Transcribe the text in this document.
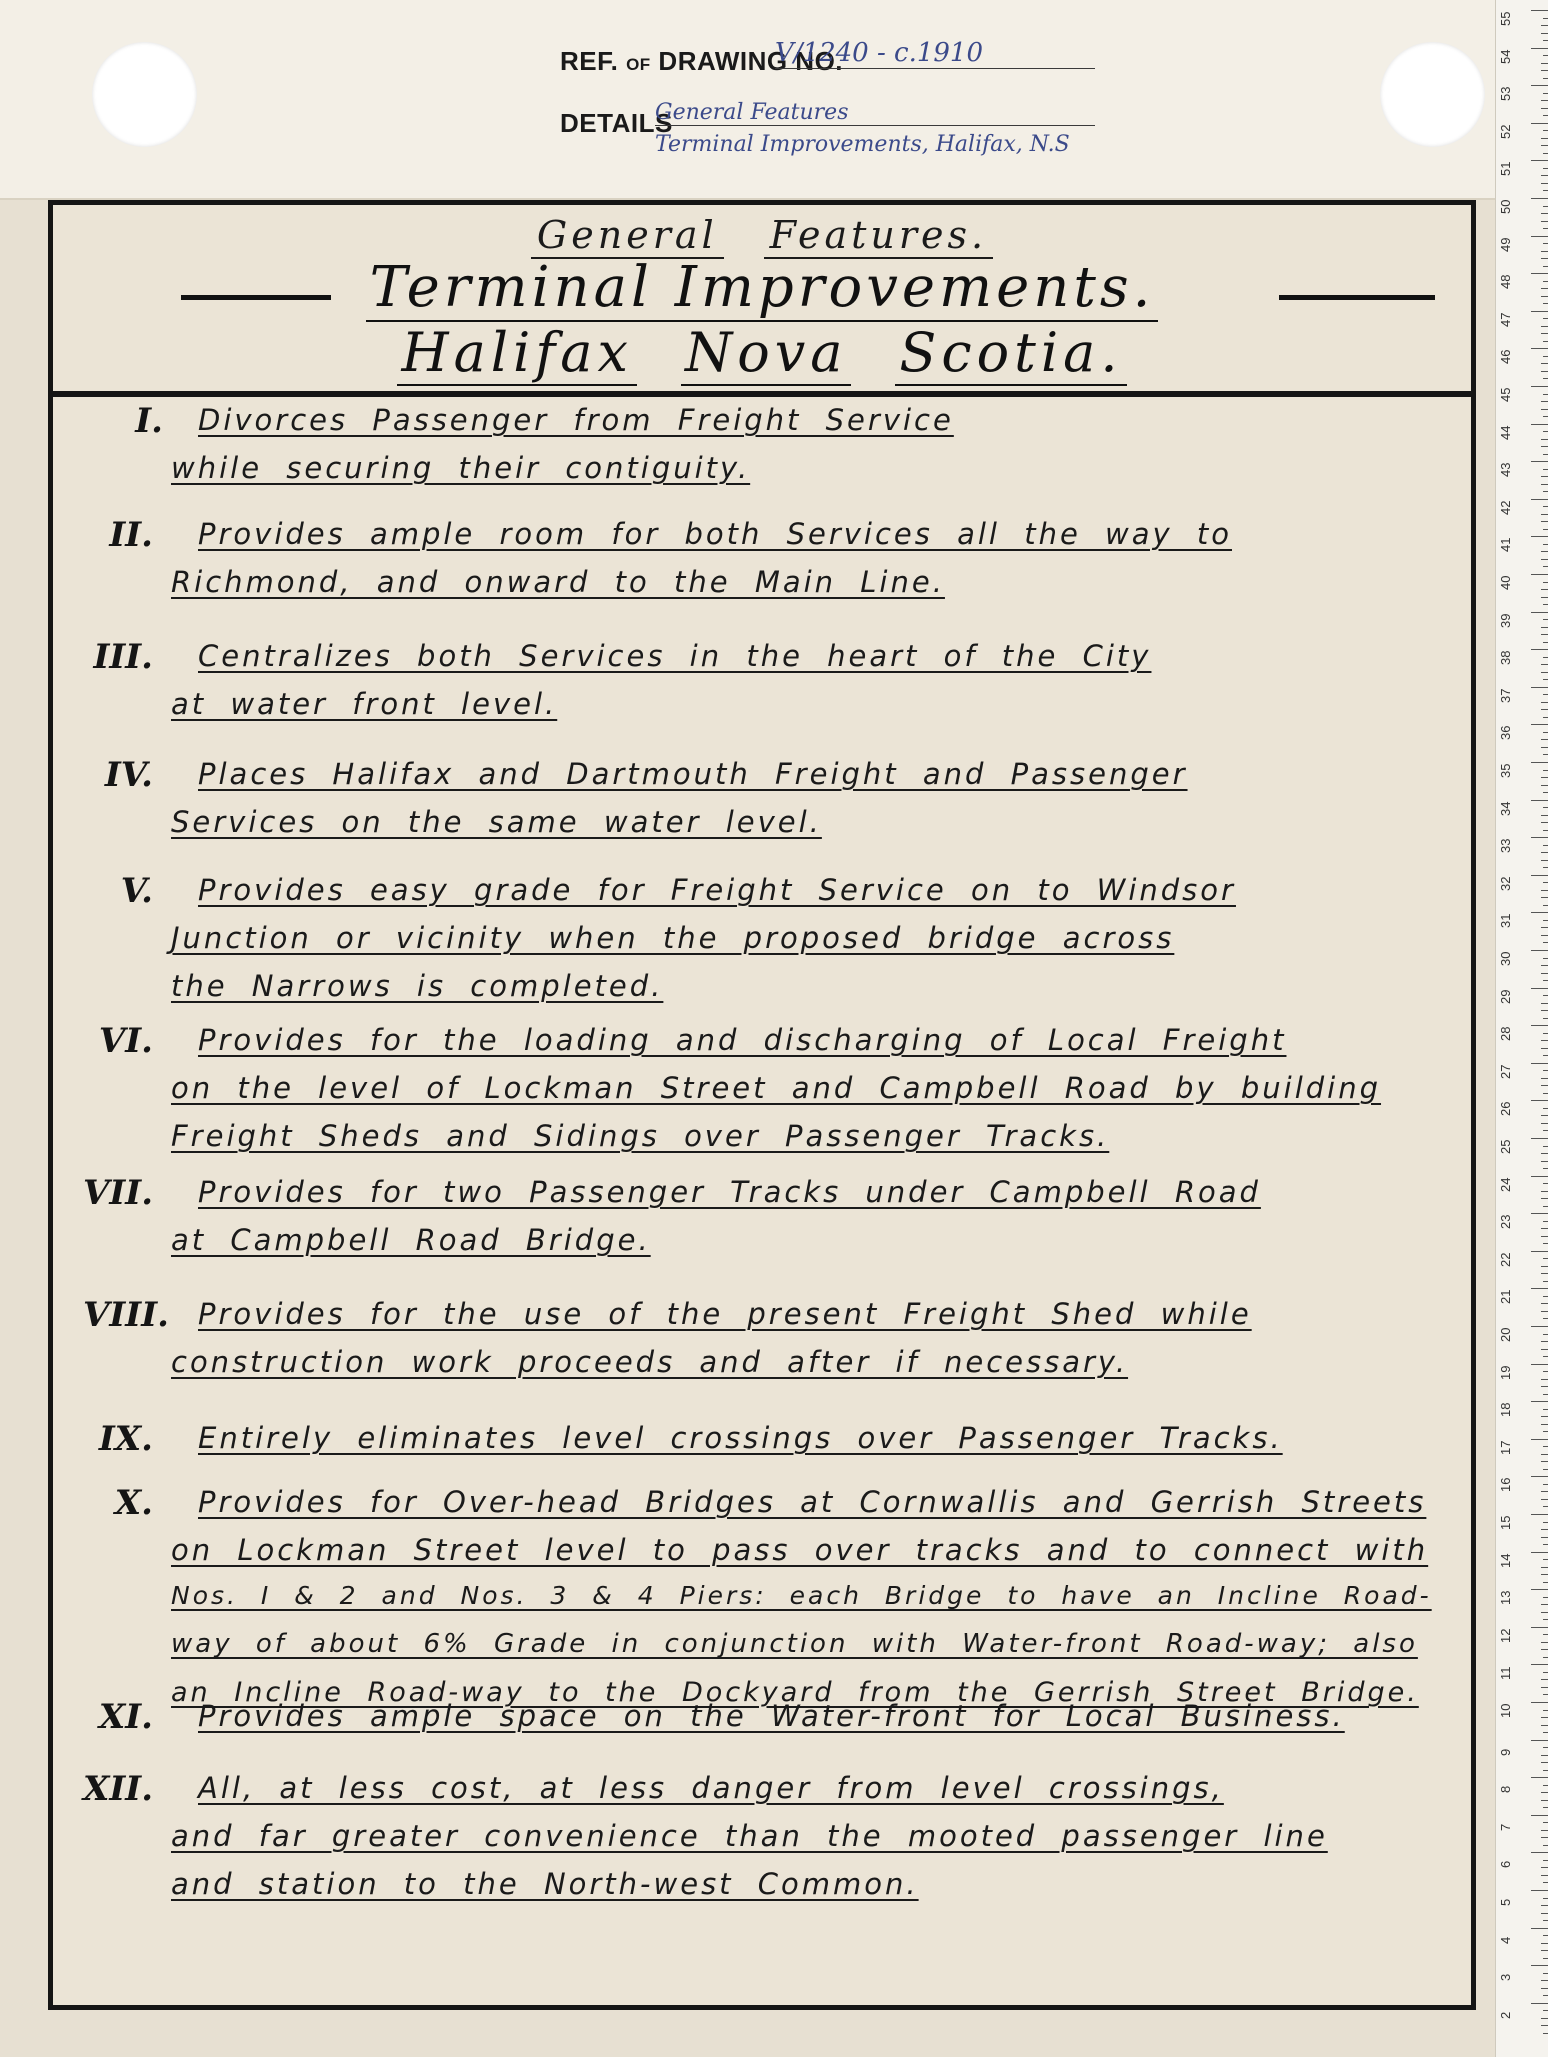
REF. OF DRAWING NO.
V/1240 - c.1910
DETAILS
General Features
Terminal Improvements, Halifax, N.S
55
54
53
52
51
50
49
48
47
46
45
44
43
42
41
40
39
38
37
36
35
34
33
32
31
30
29
28
27
26
25
24
23
22
21
20
19
18
17
16
15
14
13
12
11
10
9
8
7
6
5
4
3
2
General Features.
Terminal Improvements.
Halifax Nova Scotia.
I. Divorces Passenger from Freight Service
while securing their contiguity.
II. Provides ample room for both Services all the way to
Richmond, and onward to the Main Line.
III. Centralizes both Services in the heart of the City
at water front level.
IV. Places Halifax and Dartmouth Freight and Passenger
Services on the same water level.
V. Provides easy grade for Freight Service on to Windsor
Junction or vicinity when the proposed bridge across
the Narrows is completed.
VI. Provides for the loading and discharging of Local Freight
on the level of Lockman Street and Campbell Road by building
Freight Sheds and Sidings over Passenger Tracks.
VII. Provides for two Passenger Tracks under Campbell Road
at Campbell Road Bridge.
VIII. Provides for the use of the present Freight Shed while
construction work proceeds and after if necessary.
IX. Entirely eliminates level crossings over Passenger Tracks.
X. Provides for Over-head Bridges at Cornwallis and Gerrish Streets
on Lockman Street level to pass over tracks and to connect with
Nos. I & 2 and Nos. 3 & 4 Piers: each Bridge to have an Incline Road-
way of about 6% Grade in conjunction with Water-front Road-way; also
an Incline Road-way to the Dockyard from the Gerrish Street Bridge.
XI. Provides ample space on the Water-front for Local Business.
XII. All, at less cost, at less danger from level crossings,
and far greater convenience than the mooted passenger line
and station to the North-west Common.
